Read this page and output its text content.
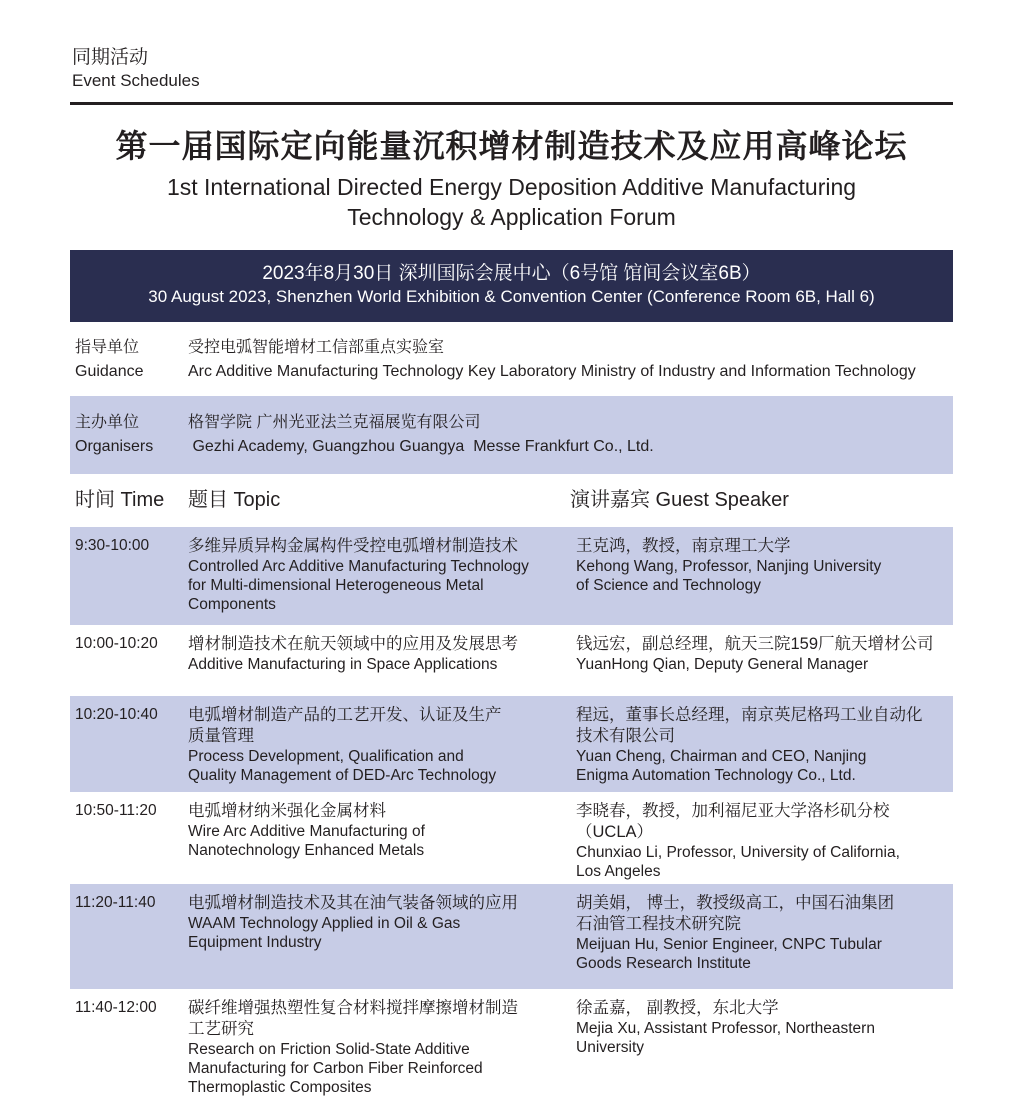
同期活动
Event Schedules
第一届国际定向能量沉积增材制造技术及应用高峰论坛
1st International Directed Energy Deposition Additive Manufacturing
Technology & Application Forum
2023年8月30日 深圳国际会展中心（6号馆 馆间会议室6B）
30 August 2023, Shenzhen World Exhibition & Convention Center (Conference Room 6B, Hall 6)
指导单位
Guidance
受控电弧智能增材工信部重点实验室
Arc Additive Manufacturing Technology Key Laboratory Ministry of Industry and Information Technology
主办单位
Organisers
格智学院 广州光亚法兰克福展览有限公司
Gezhi Academy, Guangzhou Guangya  Messe Frankfurt Co., Ltd.
时间 Time 题目 Topic	演讲嘉宾 Guest Speaker
9:30-10:00 多维异质异构金属构件受控电弧增材制造技术
Controlled Arc Additive Manufacturing Technology
for Multi-dimensional Heterogeneous Metal
Components
王克鸿，教授，南京理工大学
Kehong Wang, Professor, Nanjing University
of Science and Technology
10:00-10:20 增材制造技术在航天领域中的应用及发展思考
Additive Manufacturing in Space Applications
钱远宏，副总经理，航天三院159厂航天增材公司
YuanHong Qian, Deputy General Manager
10:20-10:40 电弧增材制造产品的工艺开发、认证及生产
质量管理
Process Development, Qualification and
Quality Management of DED-Arc Technology
程远，董事长总经理，南京英尼格玛工业自动化
技术有限公司
Yuan Cheng, Chairman and CEO, Nanjing
Enigma Automation Technology Co., Ltd.
10:50-11:20 电弧增材纳米强化金属材料
Wire Arc Additive Manufacturing of
Nanotechnology Enhanced Metals
李晓春，教授，加利福尼亚大学洛杉矶分校
（UCLA）
Chunxiao Li, Professor, University of California,
Los Angeles
11:20-11:40 电弧增材制造技术及其在油气装备领域的应用
WAAM Technology Applied in Oil & Gas
Equipment Industry
胡美娟， 博士，教授级高工，中国石油集团
石油管工程技术研究院
Meijuan Hu, Senior Engineer, CNPC Tubular
Goods Research Institute
11:40-12:00 碳纤维增强热塑性复合材料搅拌摩擦增材制造
工艺研究
Research on Friction Solid-State Additive
Manufacturing for Carbon Fiber Reinforced
Thermoplastic Composites
徐孟嘉， 副教授，东北大学
Mejia Xu, Assistant Professor, Northeastern
University
